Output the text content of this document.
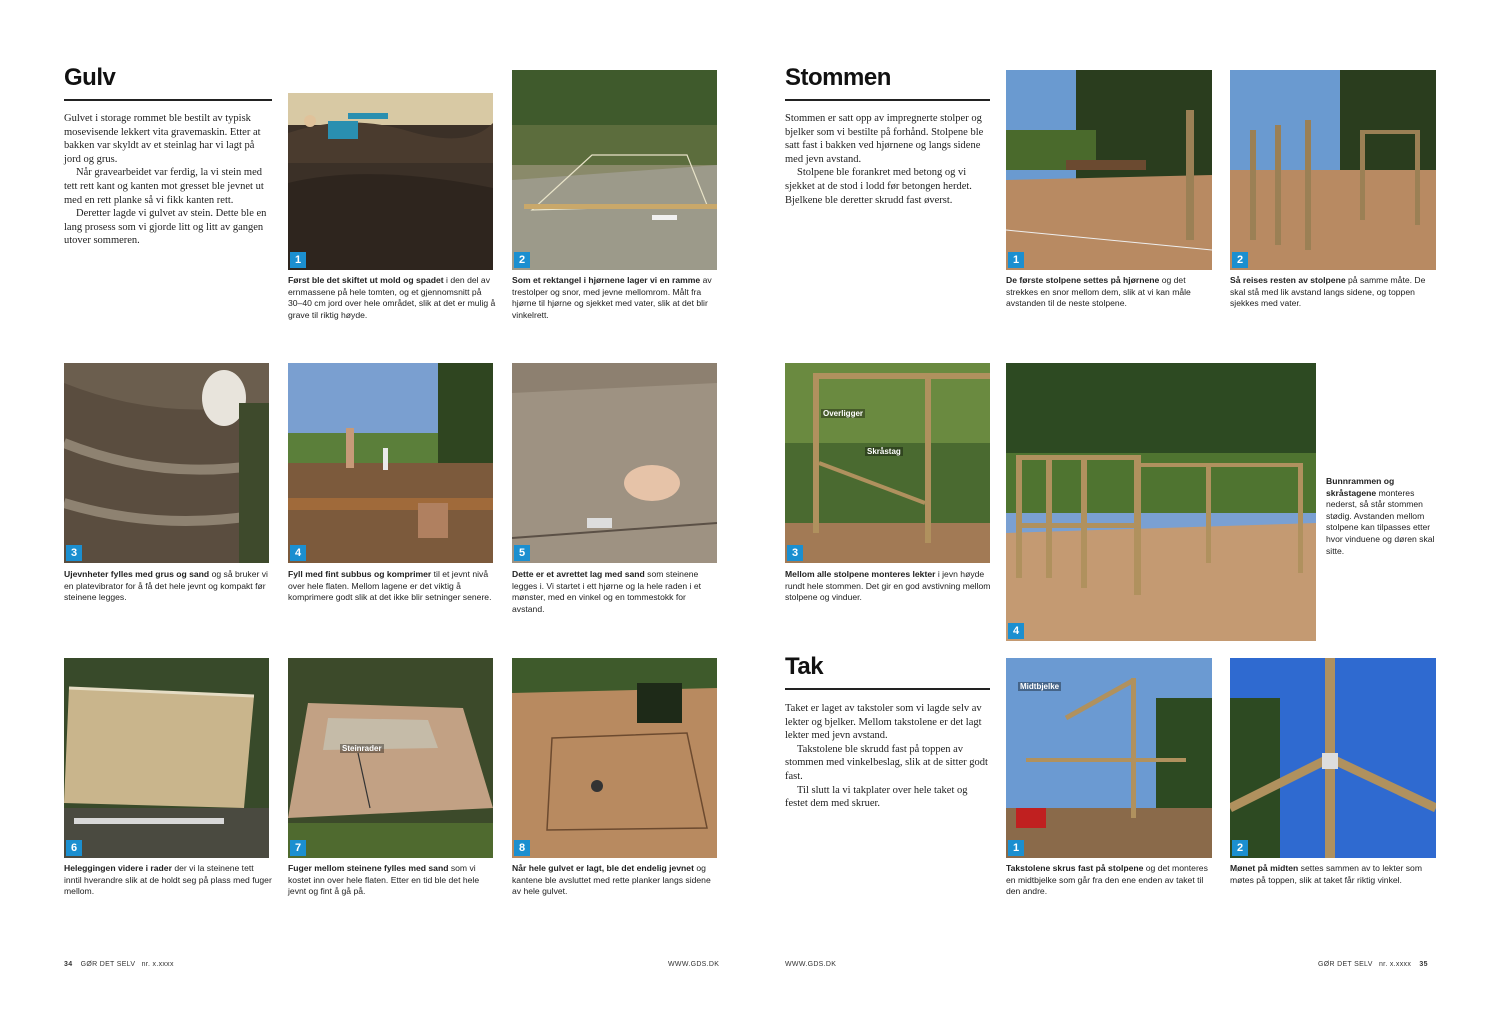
Gulv

Gulvet i storage rommet ble bestilt av typisk mosevisende lekkert vita gravemaskin. Etter at bakken var skyldt av et steinlag har vi lagt på jord og grus.

Når gravearbeidet var ferdig, la vi stein med tett rett kant og kanten mot gresset ble jevnet ut med en rett planke så vi fikk kanten rett.

Deretter lagde vi gulvet av stein. Dette ble en lang prosess som vi gjorde litt og litt av gangen utover sommeren.

1
Først ble det skiftet ut mold og spadet i den del av ernmassene på hele tomten, og et gjennomsnitt på 30–40 cm jord over hele området, slik at det er mulig å grave til riktig høyde.
2
Som et rektangel i hjørnene lager vi en ramme av trestolper og snor, med jevne mellomrom. Målt fra hjørne til hjørne og sjekket med vater, slik at det blir vinkelrett.
3
Ujevnheter fylles med grus og sand og så bruker vi en platevibrator for å få det hele jevnt og kompakt før steinene legges.
4
Fyll med fint subbus og komprimer til et jevnt nivå over hele flaten. Mellom lagene er det viktig å komprimere godt slik at det ikke blir setninger senere.
5
Dette er et avrettet lag med sand som steinene legges i. Vi startet i ett hjørne og la hele raden i et mønster, med en vinkel og en tommestokk for avstand.
6
Heleggingen videre i rader der vi la steinene tett inntil hverandre slik at de holdt seg på plass med fuger mellom.
Steinrader
7
Fuger mellom steinene fylles med sand som vi kostet inn over hele flaten. Etter en tid ble det hele jevnt og fint å gå på.
8
Når hele gulvet er lagt, ble det endelig jevnet og kantene ble avsluttet med rette planker langs sidene av hele gulvet.
34 GØR DET SELV nr. x.xxxx	WWW.GDS.DK
Stommen

Stommen er satt opp av impregnerte stolper og bjelker som vi bestilte på forhånd. Stolpene ble satt fast i bakken ved hjørnene og langs sidene med jevn avstand.

Stolpene ble forankret med betong og vi sjekket at de stod i lodd før betongen herdet. Bjelkene ble deretter skrudd fast øverst.

1
De første stolpene settes på hjørnene og det strekkes en snor mellom dem, slik at vi kan måle avstanden til de neste stolpene.
2
Så reises resten av stolpene på samme måte. De skal stå med lik avstand langs sidene, og toppen sjekkes med vater.
Overligger
Skråstag
3
Mellom alle stolpene monteres lekter i jevn høyde rundt hele stommen. Det gir en god avstivning mellom stolpene og vinduer.
4
Bunnrammen og skråstagene monteres nederst, så står stommen stødig. Avstanden mellom stolpene kan tilpasses etter hvor vinduene og døren skal sitte.
Tak

Taket er laget av takstoler som vi lagde selv av lekter og bjelker. Mellom takstolene er det lagt lekter med jevn avstand.

Takstolene ble skrudd fast på toppen av stommen med vinkelbeslag, slik at de sitter godt fast.

Til slutt la vi takplater over hele taket og festet dem med skruer.

Midtbjelke
1
Takstolene skrus fast på stolpene og det monteres en midtbjelke som går fra den ene enden av taket til den andre.
2
Mønet på midten settes sammen av to lekter som møtes på toppen, slik at taket får riktig vinkel.
WWW.GDS.DK	GØR DET SELV nr. x.xxxx 35
